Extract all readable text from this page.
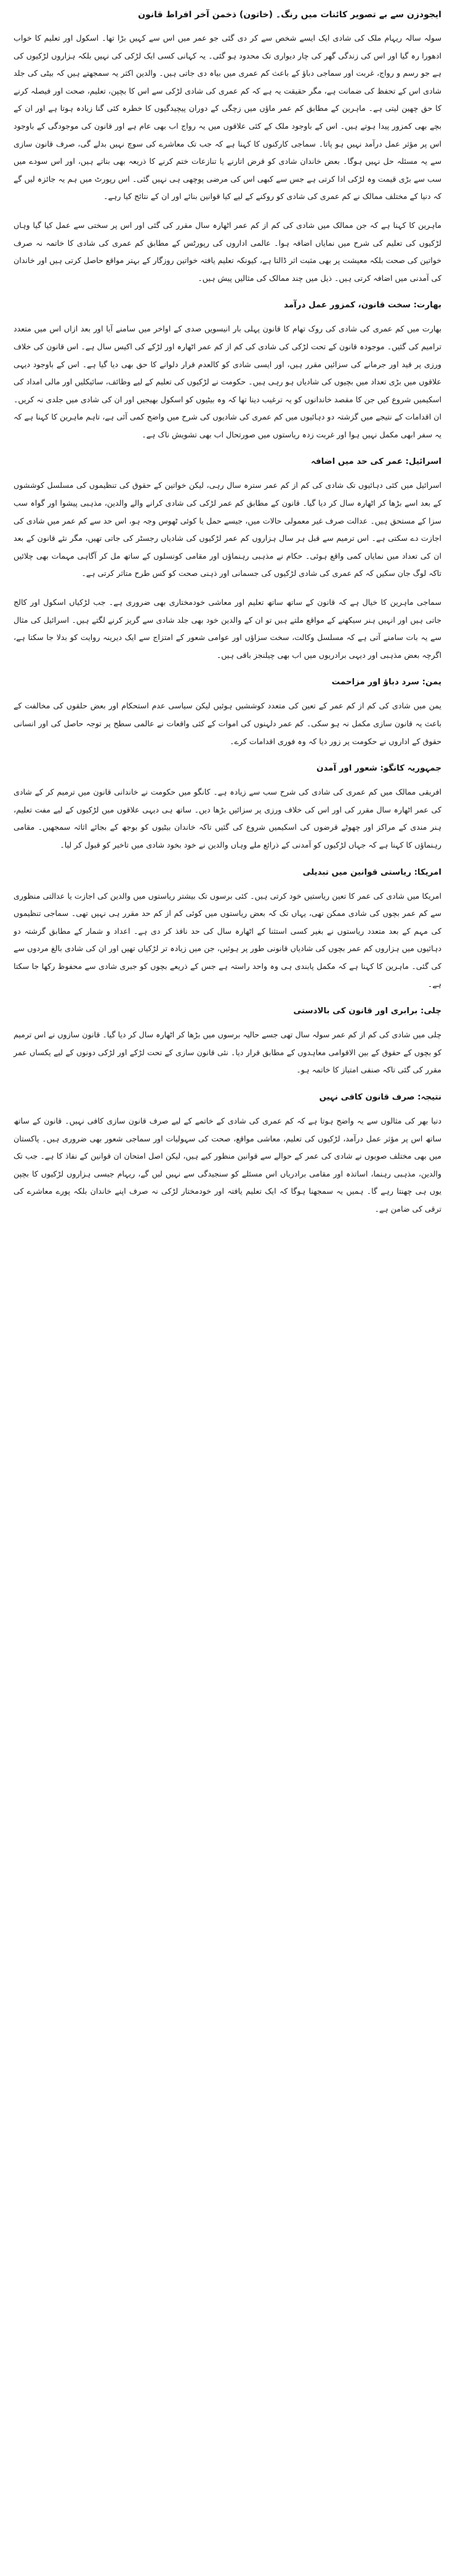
ایجودزن سے بے تصویر کائنات میں رنگ۔ (خاتون) ذخمن آخر افراط قانون

سولہ سالہ ریہام ملک کی شادی ایک ایسے شخص سے کر دی گئی جو عمر میں اس سے کہیں بڑا تھا۔ اسکول اور تعلیم کا خواب ادھورا رہ گیا اور اس کی زندگی گھر کی چار دیواری تک محدود ہو گئی۔ یہ کہانی کسی ایک لڑکی کی نہیں بلکہ ہزاروں لڑکیوں کی ہے جو رسم و رواج، غربت اور سماجی دباؤ کے باعث کم عمری میں بیاہ دی جاتی ہیں۔ والدین اکثر یہ سمجھتے ہیں کہ بیٹی کی جلد شادی اس کے تحفظ کی ضمانت ہے، مگر حقیقت یہ ہے کہ کم عمری کی شادی لڑکی سے اس کا بچپن، تعلیم، صحت اور فیصلہ کرنے کا حق چھین لیتی ہے۔ ماہرین کے مطابق کم عمر ماؤں میں زچگی کے دوران پیچیدگیوں کا خطرہ کئی گنا زیادہ ہوتا ہے اور ان کے بچے بھی کمزور پیدا ہوتے ہیں۔ اس کے باوجود ملک کے کئی علاقوں میں یہ رواج اب بھی عام ہے اور قانون کی موجودگی کے باوجود اس پر مؤثر عمل درآمد نہیں ہو پاتا۔ سماجی کارکنوں کا کہنا ہے کہ جب تک معاشرے کی سوچ نہیں بدلے گی، صرف قانون سازی سے یہ مسئلہ حل نہیں ہوگا۔ بعض خاندان شادی کو قرض اتارنے یا تنازعات ختم کرنے کا ذریعہ بھی بناتے ہیں، اور اس سودے میں سب سے بڑی قیمت وہ لڑکی ادا کرتی ہے جس سے کبھی اس کی مرضی پوچھی ہی نہیں گئی۔ اس رپورٹ میں ہم یہ جائزہ لیں گے کہ دنیا کے مختلف ممالک نے کم عمری کی شادی کو روکنے کے لیے کیا قوانین بنائے اور ان کے نتائج کیا رہے۔

ماہرین کا کہنا ہے کہ جن ممالک میں شادی کی کم از کم عمر اٹھارہ سال مقرر کی گئی اور اس پر سختی سے عمل کیا گیا وہاں لڑکیوں کی تعلیم کی شرح میں نمایاں اضافہ ہوا۔ عالمی اداروں کی رپورٹس کے مطابق کم عمری کی شادی کا خاتمہ نہ صرف خواتین کی صحت بلکہ معیشت پر بھی مثبت اثر ڈالتا ہے، کیونکہ تعلیم یافتہ خواتین روزگار کے بہتر مواقع حاصل کرتی ہیں اور خاندان کی آمدنی میں اضافہ کرتی ہیں۔ ذیل میں چند ممالک کی مثالیں پیش ہیں۔

بھارت: سخت قانون، کمزور عمل درآمد

بھارت میں کم عمری کی شادی کی روک تھام کا قانون پہلی بار انیسویں صدی کے اواخر میں سامنے آیا اور بعد ازاں اس میں متعدد ترامیم کی گئیں۔ موجودہ قانون کے تحت لڑکی کی شادی کی کم از کم عمر اٹھارہ اور لڑکے کی اکیس سال ہے۔ اس قانون کی خلاف ورزی پر قید اور جرمانے کی سزائیں مقرر ہیں، اور ایسی شادی کو کالعدم قرار دلوانے کا حق بھی دیا گیا ہے۔ اس کے باوجود دیہی علاقوں میں بڑی تعداد میں بچیوں کی شادیاں ہو رہی ہیں۔ حکومت نے لڑکیوں کی تعلیم کے لیے وظائف، سائیکلیں اور مالی امداد کی اسکیمیں شروع کیں جن کا مقصد خاندانوں کو یہ ترغیب دینا تھا کہ وہ بیٹیوں کو اسکول بھیجیں اور ان کی شادی میں جلدی نہ کریں۔ ان اقدامات کے نتیجے میں گزشتہ دو دہائیوں میں کم عمری کی شادیوں کی شرح میں واضح کمی آئی ہے، تاہم ماہرین کا کہنا ہے کہ یہ سفر ابھی مکمل نہیں ہوا اور غربت زدہ ریاستوں میں صورتحال اب بھی تشویش ناک ہے۔

اسرائیل: عمر کی حد میں اضافہ

اسرائیل میں کئی دہائیوں تک شادی کی کم از کم عمر سترہ سال رہی، لیکن خواتین کے حقوق کی تنظیموں کی مسلسل کوششوں کے بعد اسے بڑھا کر اٹھارہ سال کر دیا گیا۔ قانون کے مطابق کم عمر لڑکی کی شادی کرانے والے والدین، مذہبی پیشوا اور گواہ سب سزا کے مستحق ہیں۔ عدالت صرف غیر معمولی حالات میں، جیسے حمل یا کوئی ٹھوس وجہ ہو، اس حد سے کم عمر میں شادی کی اجازت دے سکتی ہے۔ اس ترمیم سے قبل ہر سال ہزاروں کم عمر لڑکیوں کی شادیاں رجسٹر کی جاتی تھیں، مگر نئے قانون کے بعد ان کی تعداد میں نمایاں کمی واقع ہوئی۔ حکام نے مذہبی رہنماؤں اور مقامی کونسلوں کے ساتھ مل کر آگاہی مہمات بھی چلائیں تاکہ لوگ جان سکیں کہ کم عمری کی شادی لڑکیوں کی جسمانی اور ذہنی صحت کو کس طرح متاثر کرتی ہے۔

سماجی ماہرین کا خیال ہے کہ قانون کے ساتھ ساتھ تعلیم اور معاشی خودمختاری بھی ضروری ہے۔ جب لڑکیاں اسکول اور کالج جاتی ہیں اور انہیں ہنر سیکھنے کے مواقع ملتے ہیں تو ان کے والدین خود بھی جلد شادی سے گریز کرنے لگتے ہیں۔ اسرائیل کی مثال سے یہ بات سامنے آتی ہے کہ مسلسل وکالت، سخت سزاؤں اور عوامی شعور کے امتزاج سے ایک دیرینہ روایت کو بدلا جا سکتا ہے، اگرچہ بعض مذہبی اور دیہی برادریوں میں اب بھی چیلنجز باقی ہیں۔

یمن: سرد دباؤ اور مزاحمت

یمن میں شادی کی کم از کم عمر کے تعین کی متعدد کوششیں ہوئیں لیکن سیاسی عدم استحکام اور بعض حلقوں کی مخالفت کے باعث یہ قانون سازی مکمل نہ ہو سکی۔ کم عمر دلہنوں کی اموات کے کئی واقعات نے عالمی سطح پر توجہ حاصل کی اور انسانی حقوق کے اداروں نے حکومت پر زور دیا کہ وہ فوری اقدامات کرے۔

جمہوریہ کانگو: شعور اور آمدن

افریقی ممالک میں کم عمری کی شادی کی شرح سب سے زیادہ ہے۔ کانگو میں حکومت نے خاندانی قانون میں ترمیم کر کے شادی کی عمر اٹھارہ سال مقرر کی اور اس کی خلاف ورزی پر سزائیں بڑھا دیں۔ ساتھ ہی دیہی علاقوں میں لڑکیوں کے لیے مفت تعلیم، ہنر مندی کے مراکز اور چھوٹے قرضوں کی اسکیمیں شروع کی گئیں تاکہ خاندان بیٹیوں کو بوجھ کے بجائے اثاثہ سمجھیں۔ مقامی رہنماؤں کا کہنا ہے کہ جہاں لڑکیوں کو آمدنی کے ذرائع ملے وہاں والدین نے خود بخود شادی میں تاخیر کو قبول کر لیا۔

امریکا: ریاستی قوانین میں تبدیلی

امریکا میں شادی کی عمر کا تعین ریاستیں خود کرتی ہیں۔ کئی برسوں تک بیشتر ریاستوں میں والدین کی اجازت یا عدالتی منظوری سے کم عمر بچوں کی شادی ممکن تھی، یہاں تک کہ بعض ریاستوں میں کوئی کم از کم حد مقرر ہی نہیں تھی۔ سماجی تنظیموں کی مہم کے بعد متعدد ریاستوں نے بغیر کسی استثنا کے اٹھارہ سال کی حد نافذ کر دی ہے۔ اعداد و شمار کے مطابق گزشتہ دو دہائیوں میں ہزاروں کم عمر بچوں کی شادیاں قانونی طور پر ہوئیں، جن میں زیادہ تر لڑکیاں تھیں اور ان کی شادی بالغ مردوں سے کی گئی۔ ماہرین کا کہنا ہے کہ مکمل پابندی ہی وہ واحد راستہ ہے جس کے ذریعے بچوں کو جبری شادی سے محفوظ رکھا جا سکتا ہے۔

چلی: برابری اور قانون کی بالادستی

چلی میں شادی کی کم از کم عمر سولہ سال تھی جسے حالیہ برسوں میں بڑھا کر اٹھارہ سال کر دیا گیا۔ قانون سازوں نے اس ترمیم کو بچوں کے حقوق کے بین الاقوامی معاہدوں کے مطابق قرار دیا۔ نئی قانون سازی کے تحت لڑکے اور لڑکی دونوں کے لیے یکساں عمر مقرر کی گئی تاکہ صنفی امتیاز کا خاتمہ ہو۔

نتیجہ: صرف قانون کافی نہیں

دنیا بھر کی مثالوں سے یہ واضح ہوتا ہے کہ کم عمری کی شادی کے خاتمے کے لیے صرف قانون سازی کافی نہیں۔ قانون کے ساتھ ساتھ اس پر مؤثر عمل درآمد، لڑکیوں کی تعلیم، معاشی مواقع، صحت کی سہولیات اور سماجی شعور بھی ضروری ہیں۔ پاکستان میں بھی مختلف صوبوں نے شادی کی عمر کے حوالے سے قوانین منظور کیے ہیں، لیکن اصل امتحان ان قوانین کے نفاذ کا ہے۔ جب تک والدین، مذہبی رہنما، اساتذہ اور مقامی برادریاں اس مسئلے کو سنجیدگی سے نہیں لیں گے، ریہام جیسی ہزاروں لڑکیوں کا بچپن یوں ہی چھنتا رہے گا۔ ہمیں یہ سمجھنا ہوگا کہ ایک تعلیم یافتہ اور خودمختار لڑکی نہ صرف اپنے خاندان بلکہ پورے معاشرے کی ترقی کی ضامن ہے۔
